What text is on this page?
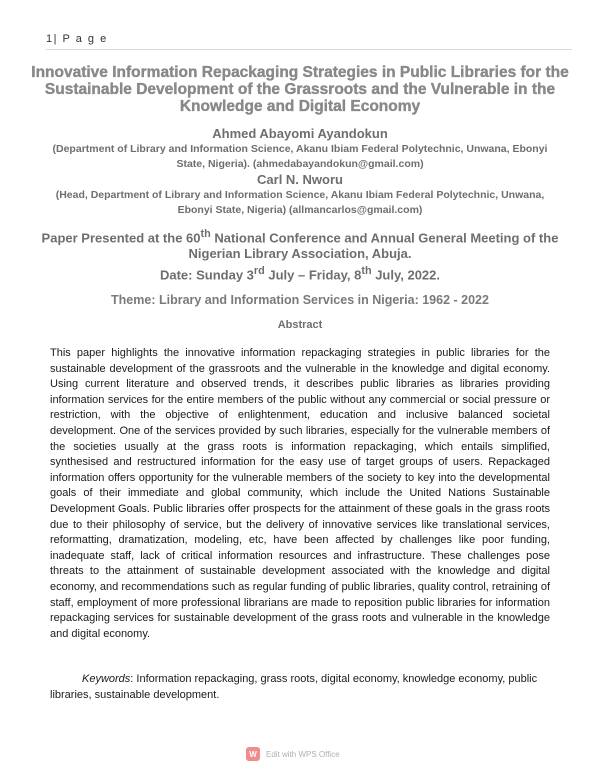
1| P a g e
Innovative Information Repackaging Strategies in Public Libraries for the Sustainable Development of the Grassroots and the Vulnerable in the Knowledge and Digital Economy
Ahmed Abayomi Ayandokun
(Department of Library and Information Science, Akanu Ibiam Federal Polytechnic, Unwana, Ebonyi State, Nigeria). (ahmedabayandokun@gmail.com)
Carl N. Nworu
(Head, Department of Library and Information Science, Akanu Ibiam Federal Polytechnic, Unwana, Ebonyi State, Nigeria) (allmancarlos@gmail.com)
Paper Presented at the 60th National Conference and Annual General Meeting of the Nigerian Library Association, Abuja.
Date: Sunday 3rd July – Friday, 8th July, 2022.
Theme: Library and Information Services in Nigeria: 1962 - 2022
Abstract

This paper highlights the innovative information repackaging strategies in public libraries for the sustainable development of the grassroots and the vulnerable in the knowledge and digital economy. Using current literature and observed trends, it describes public libraries as libraries providing information services for the entire members of the public without any commercial or social pressure or restriction, with the objective of enlightenment, education and inclusive balanced societal development. One of the services provided by such libraries, especially for the vulnerable members of the societies usually at the grass roots is information repackaging, which entails simplified, synthesised and restructured information for the easy use of target groups of users. Repackaged information offers opportunity for the vulnerable members of the society to key into the developmental goals of their immediate and global community, which include the United Nations Sustainable Development Goals. Public libraries offer prospects for the attainment of these goals in the grass roots due to their philosophy of service, but the delivery of innovative services like translational services, reformatting, dramatization, modeling, etc, have been affected by challenges like poor funding, inadequate staff, lack of critical information resources and infrastructure. These challenges pose threats to the attainment of sustainable development associated with the knowledge and digital economy, and recommendations such as regular funding of public libraries, quality control, retraining of staff, employment of more professional librarians are made to reposition public libraries for information repackaging services for sustainable development of the grass roots and vulnerable in the knowledge and digital economy.

Keywords: Information repackaging, grass roots, digital economy, knowledge economy, public libraries, sustainable development.

W	Edit with WPS Office
